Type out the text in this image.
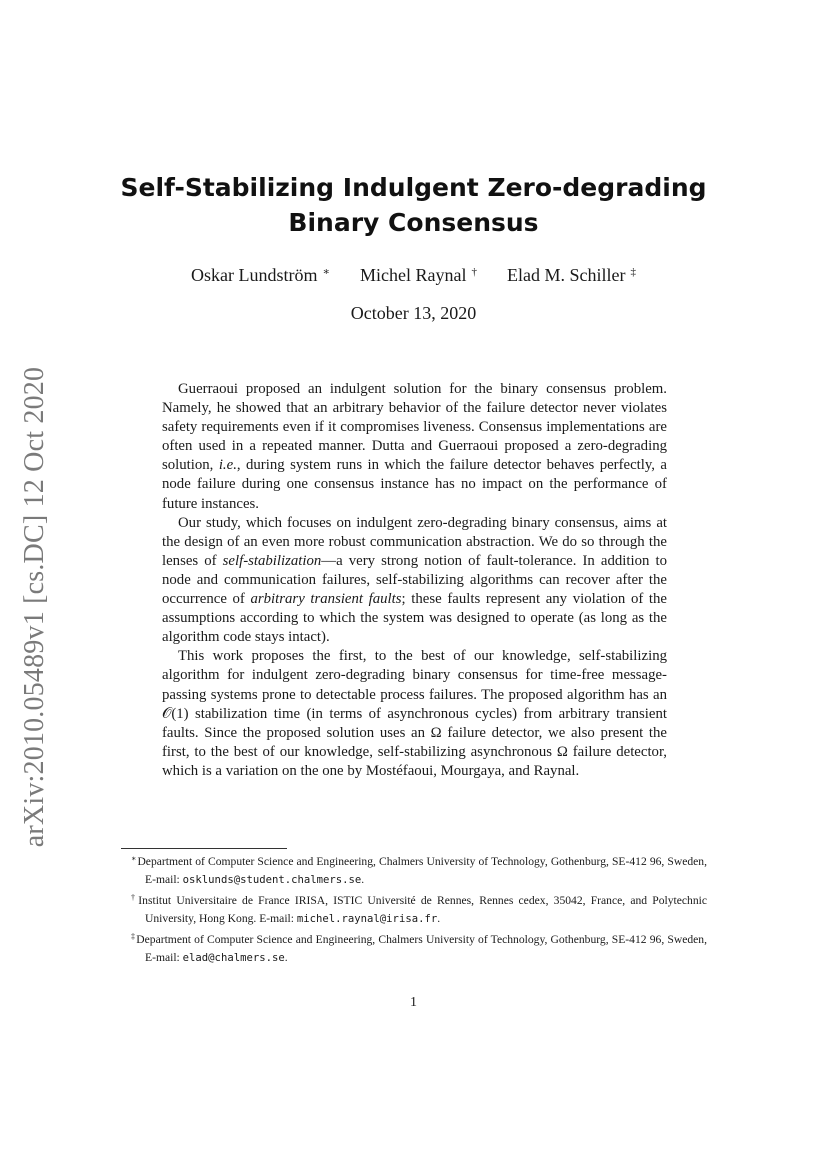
arXiv:2010.05489v1 [cs.DC] 12 Oct 2020
Self-Stabilizing Indulgent Zero-degrading
Binary Consensus
Oskar Lundström ∗ Michel Raynal † Elad M. Schiller ‡
October 13, 2020

Guerraoui proposed an indulgent solution for the binary consensus problem. Namely, he showed that an arbitrary behavior of the failure detector never violates safety requirements even if it compromises liveness. Consensus implementations are often used in a repeated manner. Dutta and Guerraoui proposed a zero-degrading solution, i.e., during system runs in which the failure detector behaves perfectly, a node failure during one consensus instance has no impact on the performance of future instances.

Our study, which focuses on indulgent zero-degrading binary consensus, aims at the design of an even more robust communication abstraction. We do so through the lenses of self-stabilization—a very strong notion of fault-tolerance. In addition to node and communication failures, self-stabilizing algorithms can recover after the occurrence of arbitrary transient faults; these faults represent any violation of the assumptions according to which the system was designed to operate (as long as the algorithm code stays intact).

This work proposes the first, to the best of our knowledge, self-stabilizing algorithm for indulgent zero-degrading binary consensus for time-free message-passing systems prone to detectable process failures. The proposed algorithm has an 𝒪(1) stabilization time (in terms of asynchronous cycles) from arbitrary transient faults. Since the proposed solution uses an Ω failure detector, we also present the first, to the best of our knowledge, self-stabilizing asynchronous Ω failure detector, which is a variation on the one by Mostéfaoui, Mourgaya, and Raynal.

∗Department of Computer Science and Engineering, Chalmers University of Technology, Gothenburg, SE-412 96, Sweden, E-mail: osklunds@student.chalmers.se.

†Institut Universitaire de France IRISA, ISTIC Université de Rennes, Rennes cedex, 35042, France, and Polytechnic University, Hong Kong. E-mail: michel.raynal@irisa.fr.

‡Department of Computer Science and Engineering, Chalmers University of Technology, Gothenburg, SE-412 96, Sweden, E-mail: elad@chalmers.se.

1
